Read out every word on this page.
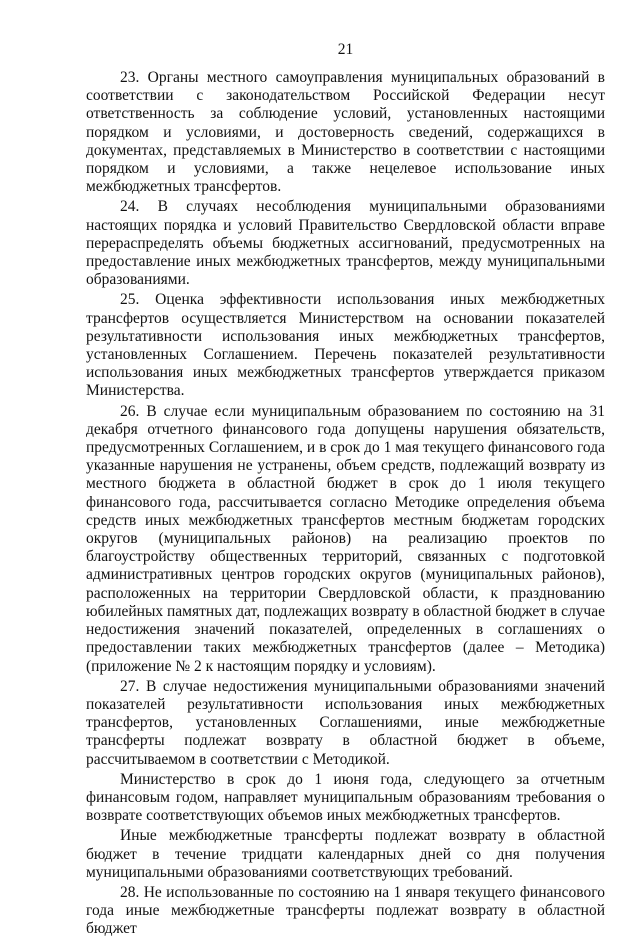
21

23. Органы местного самоуправления муниципальных образований в соответствии с законодательством Российской Федерации несут ответственность за соблюдение условий, установленных настоящими порядком и условиями, и достоверность сведений, содержащихся в документах, представляемых в Министерство в соответствии с настоящими порядком и условиями, а также нецелевое использование иных межбюджетных трансфертов.

24. В случаях несоблюдения муниципальными образованиями настоящих порядка и условий Правительство Свердловской области вправе перераспределять объемы бюджетных ассигнований, предусмотренных на предоставление иных межбюджетных трансфертов, между муниципальными образованиями.

25. Оценка эффективности использования иных межбюджетных трансфертов осуществляется Министерством на основании показателей результативности использования иных межбюджетных трансфертов, установленных Соглашением. Перечень показателей результативности использования иных межбюджетных трансфертов утверждается приказом Министерства.

26. В случае если муниципальным образованием по состоянию на 31 декабря отчетного финансового года допущены нарушения обязательств, предусмотренных Соглашением, и в срок до 1 мая текущего финансового года указанные нарушения не устранены, объем средств, подлежащий возврату из местного бюджета в областной бюджет в срок до 1 июля текущего финансового года, рассчитывается согласно Методике определения объема средств иных межбюджетных трансфертов местным бюджетам городских округов (муниципальных районов) на реализацию проектов по благоустройству общественных территорий, связанных с подготовкой административных центров городских округов (муниципальных районов), расположенных на территории Свердловской области, к празднованию юбилейных памятных дат, подлежащих возврату в областной бюджет в случае недостижения значений показателей, определенных в соглашениях о предоставлении таких межбюджетных трансфертов (далее – Методика) (приложение № 2 к настоящим порядку и условиям).

27. В случае недостижения муниципальными образованиями значений показателей результативности использования иных межбюджетных трансфертов, установленных Соглашениями, иные межбюджетные трансферты подлежат возврату в областной бюджет в объеме, рассчитываемом в соответствии с Методикой.

Министерство в срок до 1 июня года, следующего за отчетным финансовым годом, направляет муниципальным образованиям требования о возврате соответствующих объемов иных межбюджетных трансфертов.

Иные межбюджетные трансферты подлежат возврату в областной бюджет в течение тридцати календарных дней со дня получения муниципальными образованиями соответствующих требований.

28. Не использованные по состоянию на 1 января текущего финансового года иные межбюджетные трансферты подлежат возврату в областной бюджет
